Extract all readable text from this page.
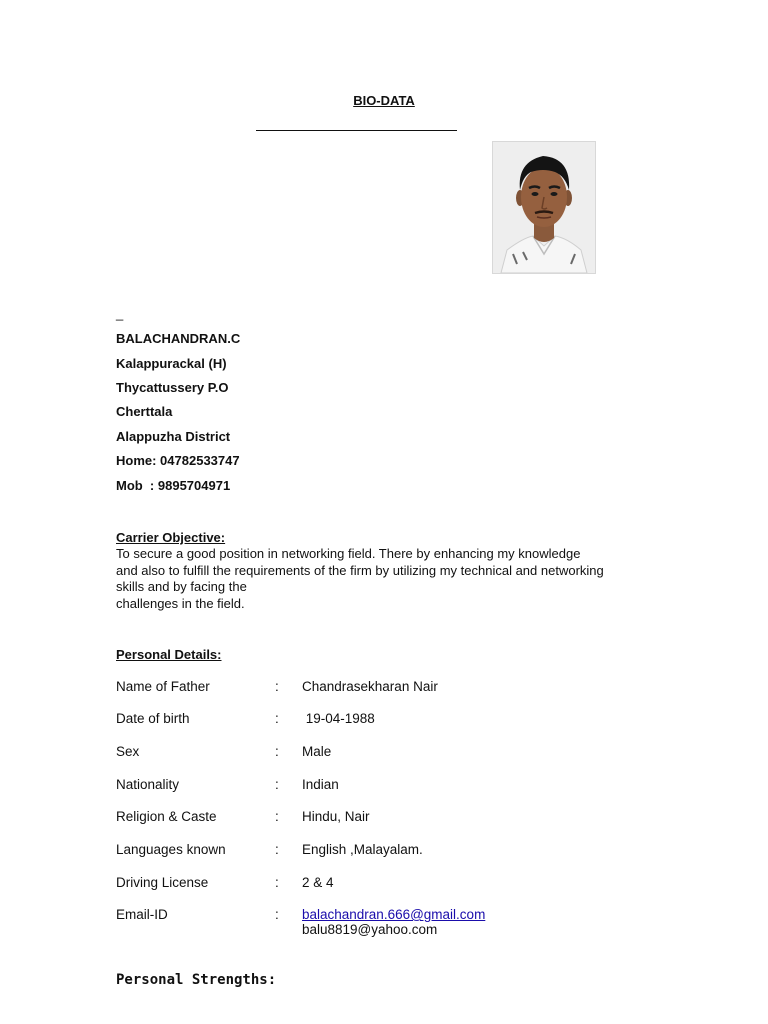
BIO-DATA
_
BALACHANDRAN.C
Kalappurackal (H)
Thycattussery P.O
Cherttala
Alappuzha District
Home: 04782533747
Mob  : 9895704971
Carrier Objective:
To secure a good position in networking field. There by enhancing my knowledge
and also to fulfill the requirements of the firm by utilizing my technical and networking
skills and by facing the
challenges in the field.
Personal Details:
Name of Father	: Chandrasekharan Nair
Date of birth	: 19-04-1988
Sex	: Male
Nationality	: Indian
Religion & Caste	: Hindu, Nair
Languages known	: English ,Malayalam.
Driving License	: 2 & 4
Email-ID	: balachandran.666@gmail.com
balu8819@yahoo.com
Personal Strengths:
